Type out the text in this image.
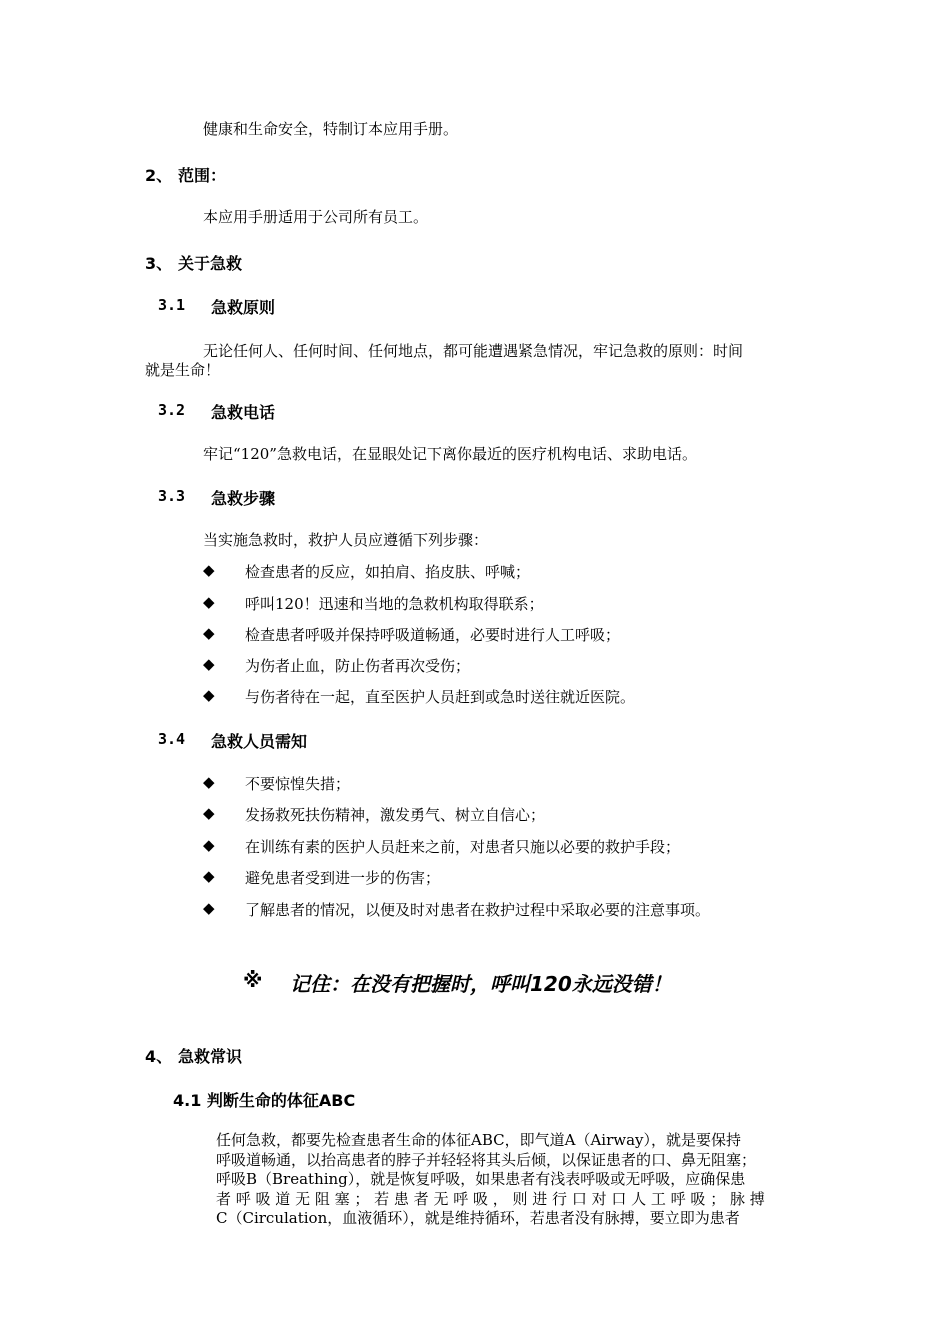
健康和生命安全，特制订本应用手册。
2、 范围：
本应用手册适用于公司所有员工。
3、 关于急救
3.1 急救原则
无论任何人、任何时间、任何地点，都可能遭遇紧急情况，牢记急救的原则：时间
就是生命！
3.2 急救电话
牢记“120”急救电话，在显眼处记下离你最近的医疗机构电话、求助电话。
3.3 急救步骤
当实施急救时，救护人员应遵循下列步骤：
◆ 检查患者的反应，如拍肩、掐皮肤、呼喊；
◆ 呼叫120！迅速和当地的急救机构取得联系；
◆ 检查患者呼吸并保持呼吸道畅通，必要时进行人工呼吸；
◆ 为伤者止血，防止伤者再次受伤；
◆ 与伤者待在一起，直至医护人员赶到或急时送往就近医院。
3.4 急救人员需知
◆ 不要惊惶失措；
◆ 发扬救死扶伤精神，激发勇气、树立自信心；
◆ 在训练有素的医护人员赶来之前，对患者只施以必要的救护手段；
◆ 避免患者受到进一步的伤害；
◆ 了解患者的情况，以便及时对患者在救护过程中采取必要的注意事项。
※ 记住：在没有把握时，呼叫120永远没错！
4、 急救常识
4.1 判断生命的体征ABC
任何急救，都要先检查患者生命的体征ABC，即气道A（Airway），就是要保持
呼吸道畅通，以抬高患者的脖子并轻轻将其头后倾，以保证患者的口、鼻无阻塞；
呼吸B（Breathing），就是恢复呼吸，如果患者有浅表呼吸或无呼吸，应确保患
者 呼 吸 道 无 阻 塞 ； 若 患 者 无 呼 吸 ， 则 进 行 口 对 口 人 工 呼 吸 ； 脉 搏
C（Circulation，血液循环），就是维持循环，若患者没有脉搏，要立即为患者
